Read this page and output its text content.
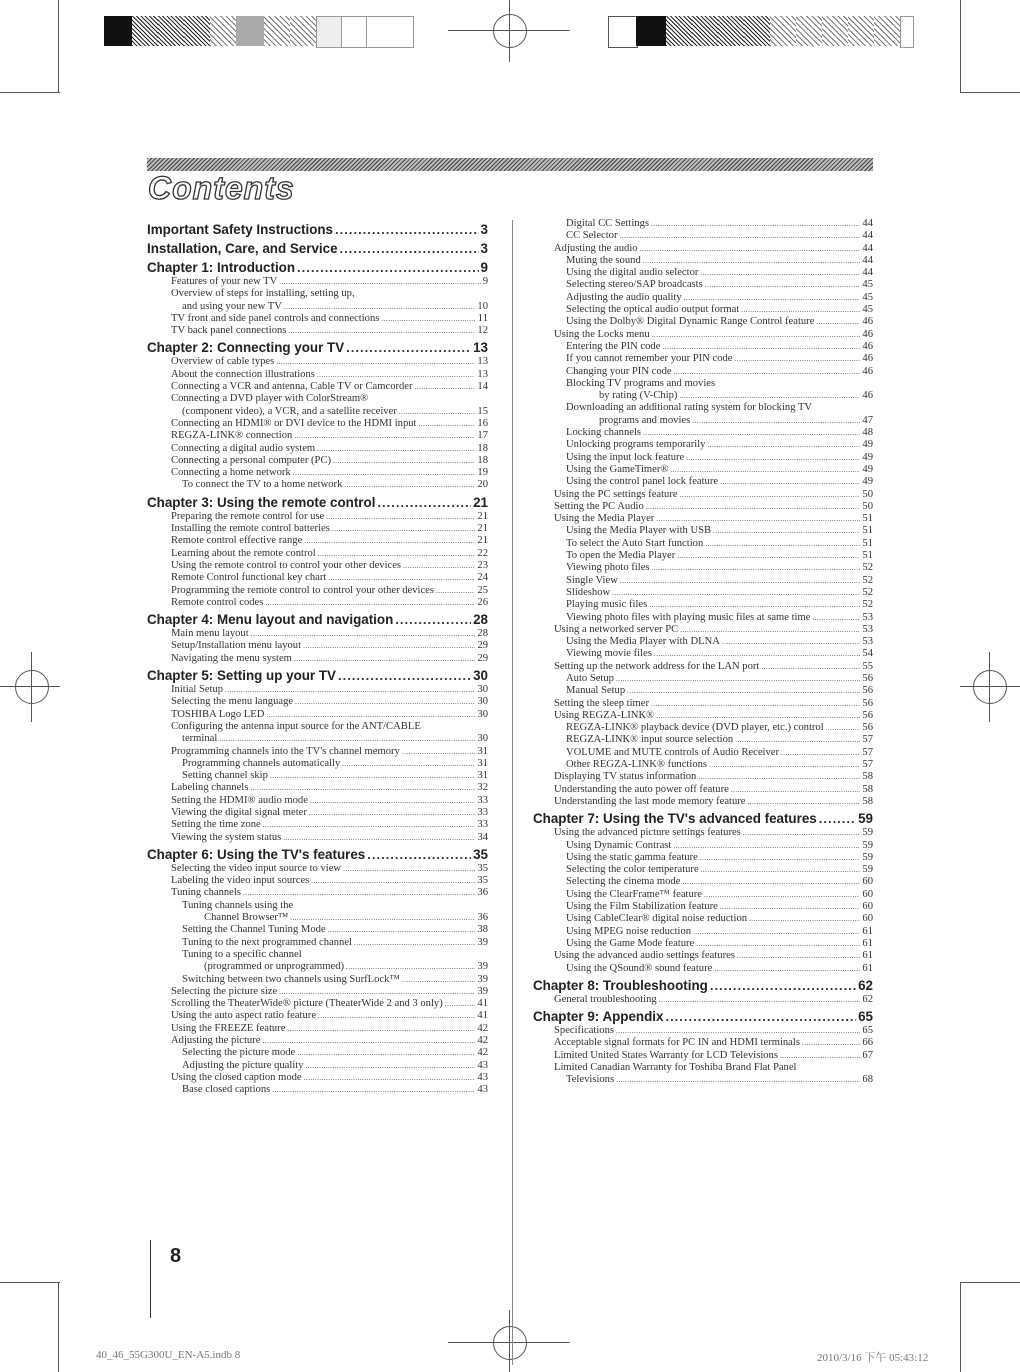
Contents
Important Safety Instructions .....	3
Installation, Care, and Service .....	3
Chapter 1: Introduction .....	9
Features of your new TV .....	9
Overview of steps for installing, setting up,
and using your new TV .....	10
TV front and side panel controls and connections .....	11
TV back panel connections .....	12
Chapter 2: Connecting your TV .....	13
Overview of cable types .....	13
About the connection illustrations .....	13
Connecting a VCR and antenna, Cable TV or Camcorder .....	14
Connecting a DVD player with ColorStream®
(component video), a VCR, and a satellite receiver .....	15
Connecting an HDMI® or DVI device to the HDMI input .....	16
REGZA-LINK® connection .....	17
Connecting a digital audio system .....	18
Connecting a personal computer (PC) .....	18
Connecting a home network .....	19
To connect the TV to a home network .....	20
Chapter 3: Using the remote control .....	21
Preparing the remote control for use .....	21
Installing the remote control batteries .....	21
Remote control effective range .....	21
Learning about the remote control .....	22
Using the remote control to control your other devices .....	23
Remote Control functional key chart .....	24
Programming the remote control to control your other devices .....	25
Remote control codes .....	26
Chapter 4: Menu layout and navigation .....	28
Main menu layout .....	28
Setup/Installation menu layout .....	29
Navigating the menu system .....	29
Chapter 5: Setting up your TV .....	30
Initial Setup .....	30
Selecting the menu language .....	30
TOSHIBA Logo LED .....	30
Configuring the antenna input source for the ANT/CABLE
terminal .....	30
Programming channels into the TV's channel memory .....	31
Programming channels automatically .....	31
Setting channel skip .....	31
Labeling channels .....	32
Setting the HDMI® audio mode .....	33
Viewing the digital signal meter .....	33
Setting the time zone .....	33
Viewing the system status .....	34
Chapter 6: Using the TV's features .....	35
Selecting the video input source to view .....	35
Labeling the video input sources .....	35
Tuning channels .....	36
Tuning channels using the
Channel Browser™ .....	36
Setting the Channel Tuning Mode .....	38
Tuning to the next programmed channel .....	39
Tuning to a specific channel
(programmed or unprogrammed) .....	39
Switching between two channels using SurfLock™ .....	39
Selecting the picture size .....	39
Scrolling the TheaterWide® picture (TheaterWide 2 and 3 only) .....	41
Using the auto aspect ratio feature .....	41
Using the FREEZE feature .....	42
Adjusting the picture .....	42
Selecting the picture mode .....	42
Adjusting the picture quality .....	43
Using the closed caption mode .....	43
Base closed captions .....	43
Digital CC Settings .....	44
CC Selector .....	44
Adjusting the audio .....	44
Muting the sound .....	44
Using the digital audio selector .....	44
Selecting stereo/SAP broadcasts .....	45
Adjusting the audio quality .....	45
Selecting the optical audio output format .....	45
Using the Dolby® Digital Dynamic Range Control feature .....	46
Using the Locks menu .....	46
Entering the PIN code .....	46
If you cannot remember your PIN code .....	46
Changing your PIN code .....	46
Blocking TV programs and movies
by rating (V-Chip) .....	46
Downloading an additional rating system for blocking TV
programs and movies .....	47
Locking channels .....	48
Unlocking programs temporarily .....	49
Using the input lock feature .....	49
Using the GameTimer® .....	49
Using the control panel lock feature .....	49
Using the PC settings feature .....	50
Setting the PC Audio .....	50
Using the Media Player .....	51
Using the Media Player with USB .....	51
To select the Auto Start function .....	51
To open the Media Player .....	51
Viewing photo files .....	52
Single View .....	52
Slideshow .....	52
Playing music files .....	52
Viewing photo files with playing music files at same time .....	53
Using a networked server PC .....	53
Using the Media Player with DLNA .....	53
Viewing movie files .....	54
Setting up the network address for the LAN port .....	55
Auto Setup .....	56
Manual Setup .....	56
Setting the sleep timer .....	56
Using REGZA-LINK® .....	56
REGZA-LINK® playback device (DVD player, etc.) control .....	56
REGZA-LINK® input source selection .....	57
VOLUME and MUTE controls of Audio Receiver .....	57
Other REGZA-LINK® functions .....	57
Displaying TV status information .....	58
Understanding the auto power off feature .....	58
Understanding the last mode memory feature .....	58
Chapter 7: Using the TV's advanced features .....	59
Using the advanced picture settings features .....	59
Using Dynamic Contrast .....	59
Using the static gamma feature .....	59
Selecting the color temperature .....	59
Selecting the cinema mode .....	60
Using the ClearFrame™ feature .....	60
Using the Film Stabilization feature .....	60
Using CableClear® digital noise reduction .....	60
Using MPEG noise reduction .....	61
Using the Game Mode feature .....	61
Using the advanced audio settings features .....	61
Using the QSound® sound feature .....	61
Chapter 8: Troubleshooting .....	62
General troubleshooting .....	62
Chapter 9: Appendix .....	65
Specifications .....	65
Acceptable signal formats for PC IN and HDMI terminals .....	66
Limited United States Warranty for LCD Televisions .....	67
Limited Canadian Warranty for Toshiba Brand Flat Panel
Televisions .....	68
8
40_46_55G300U_EN-A5.indb 8	2010/3/16 下午 05:43:12
